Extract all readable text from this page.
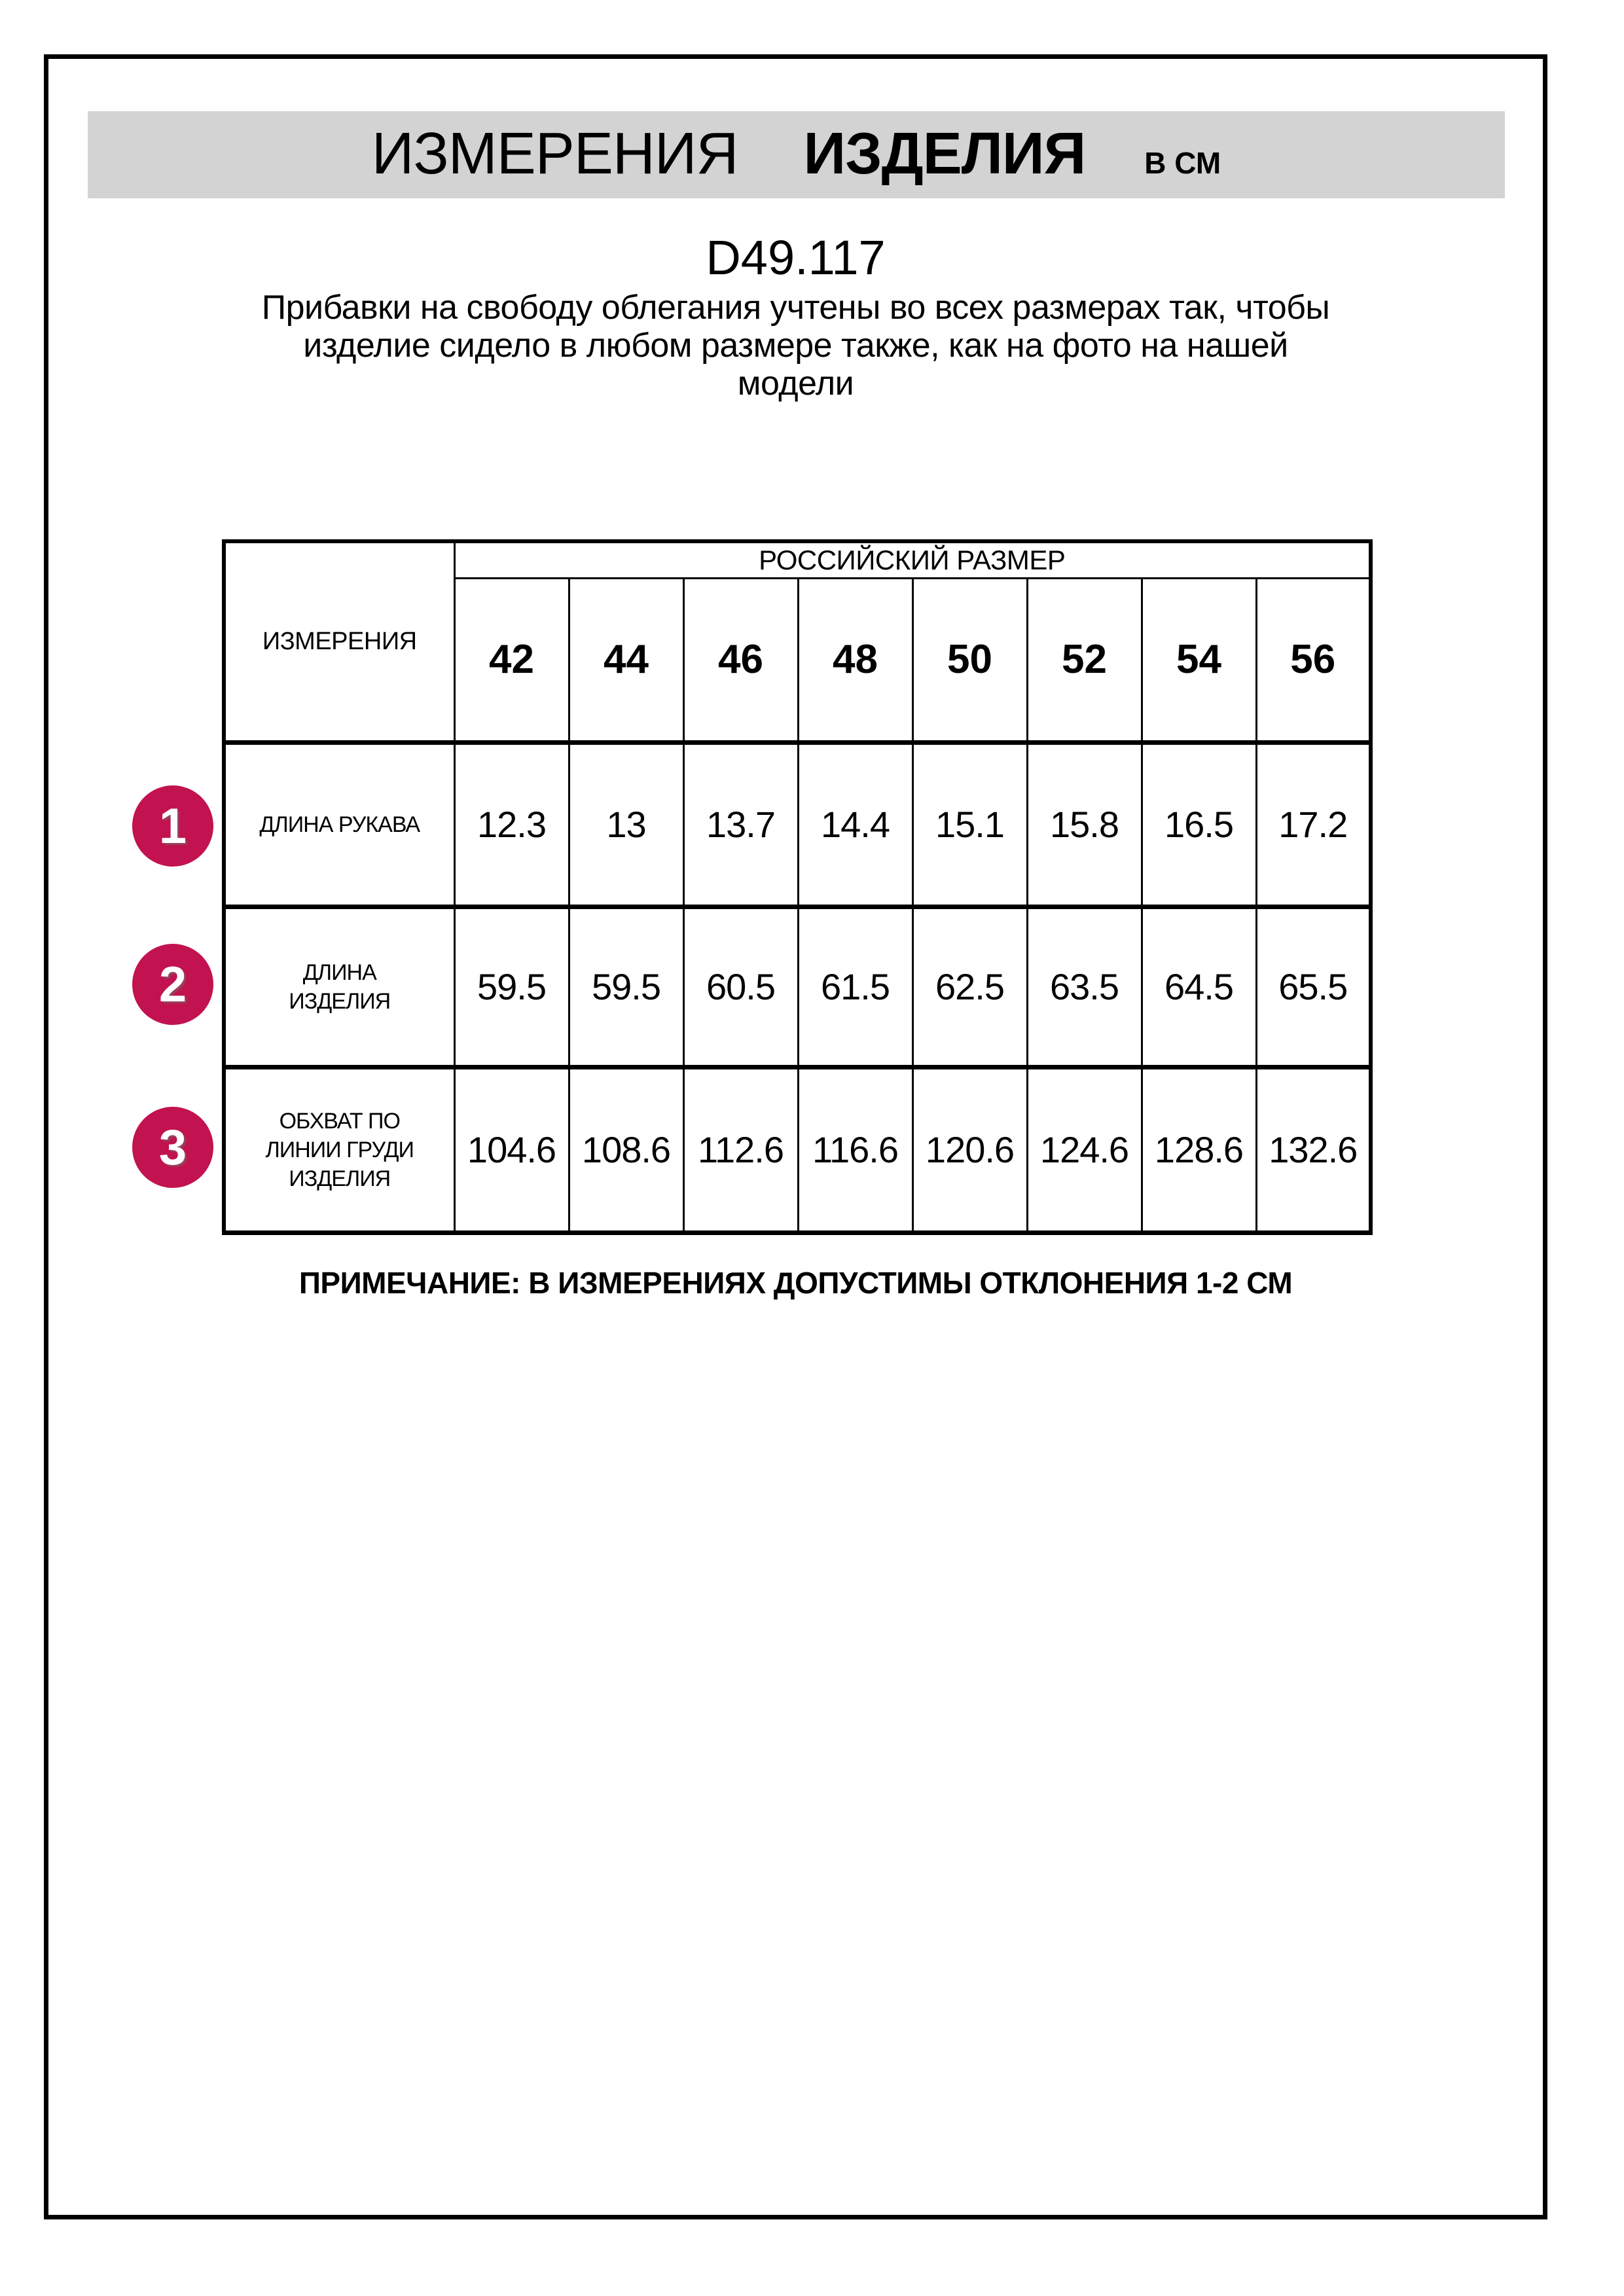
ИЗМЕРЕНИЯ ИЗДЕЛИЯ В СМ
D49.117
Прибавки на свободу облегания учтены во всех размерах так, чтобы
изделие сидело в любом размере также, как на фото на нашей
модели
ИЗМЕРЕНИЯ	РОССИЙСКИЙ РАЗМЕР							
	42	44	46	48	50	52	54	56
ДЛИНА РУКАВА	12.3	13	13.7	14.4	15.1	15.8	16.5	17.2
ДЛИНА ИЗДЕЛИЯ	59.5	59.5	60.5	61.5	62.5	63.5	64.5	65.5
ОБХВАТ ПО ЛИНИИ ГРУДИ ИЗДЕЛИЯ	104.6	108.6	112.6	116.6	120.6	124.6	128.6	132.6
1
2
3
ПРИМЕЧАНИЕ: В ИЗМЕРЕНИЯХ ДОПУСТИМЫ ОТКЛОНЕНИЯ 1-2 СМ
